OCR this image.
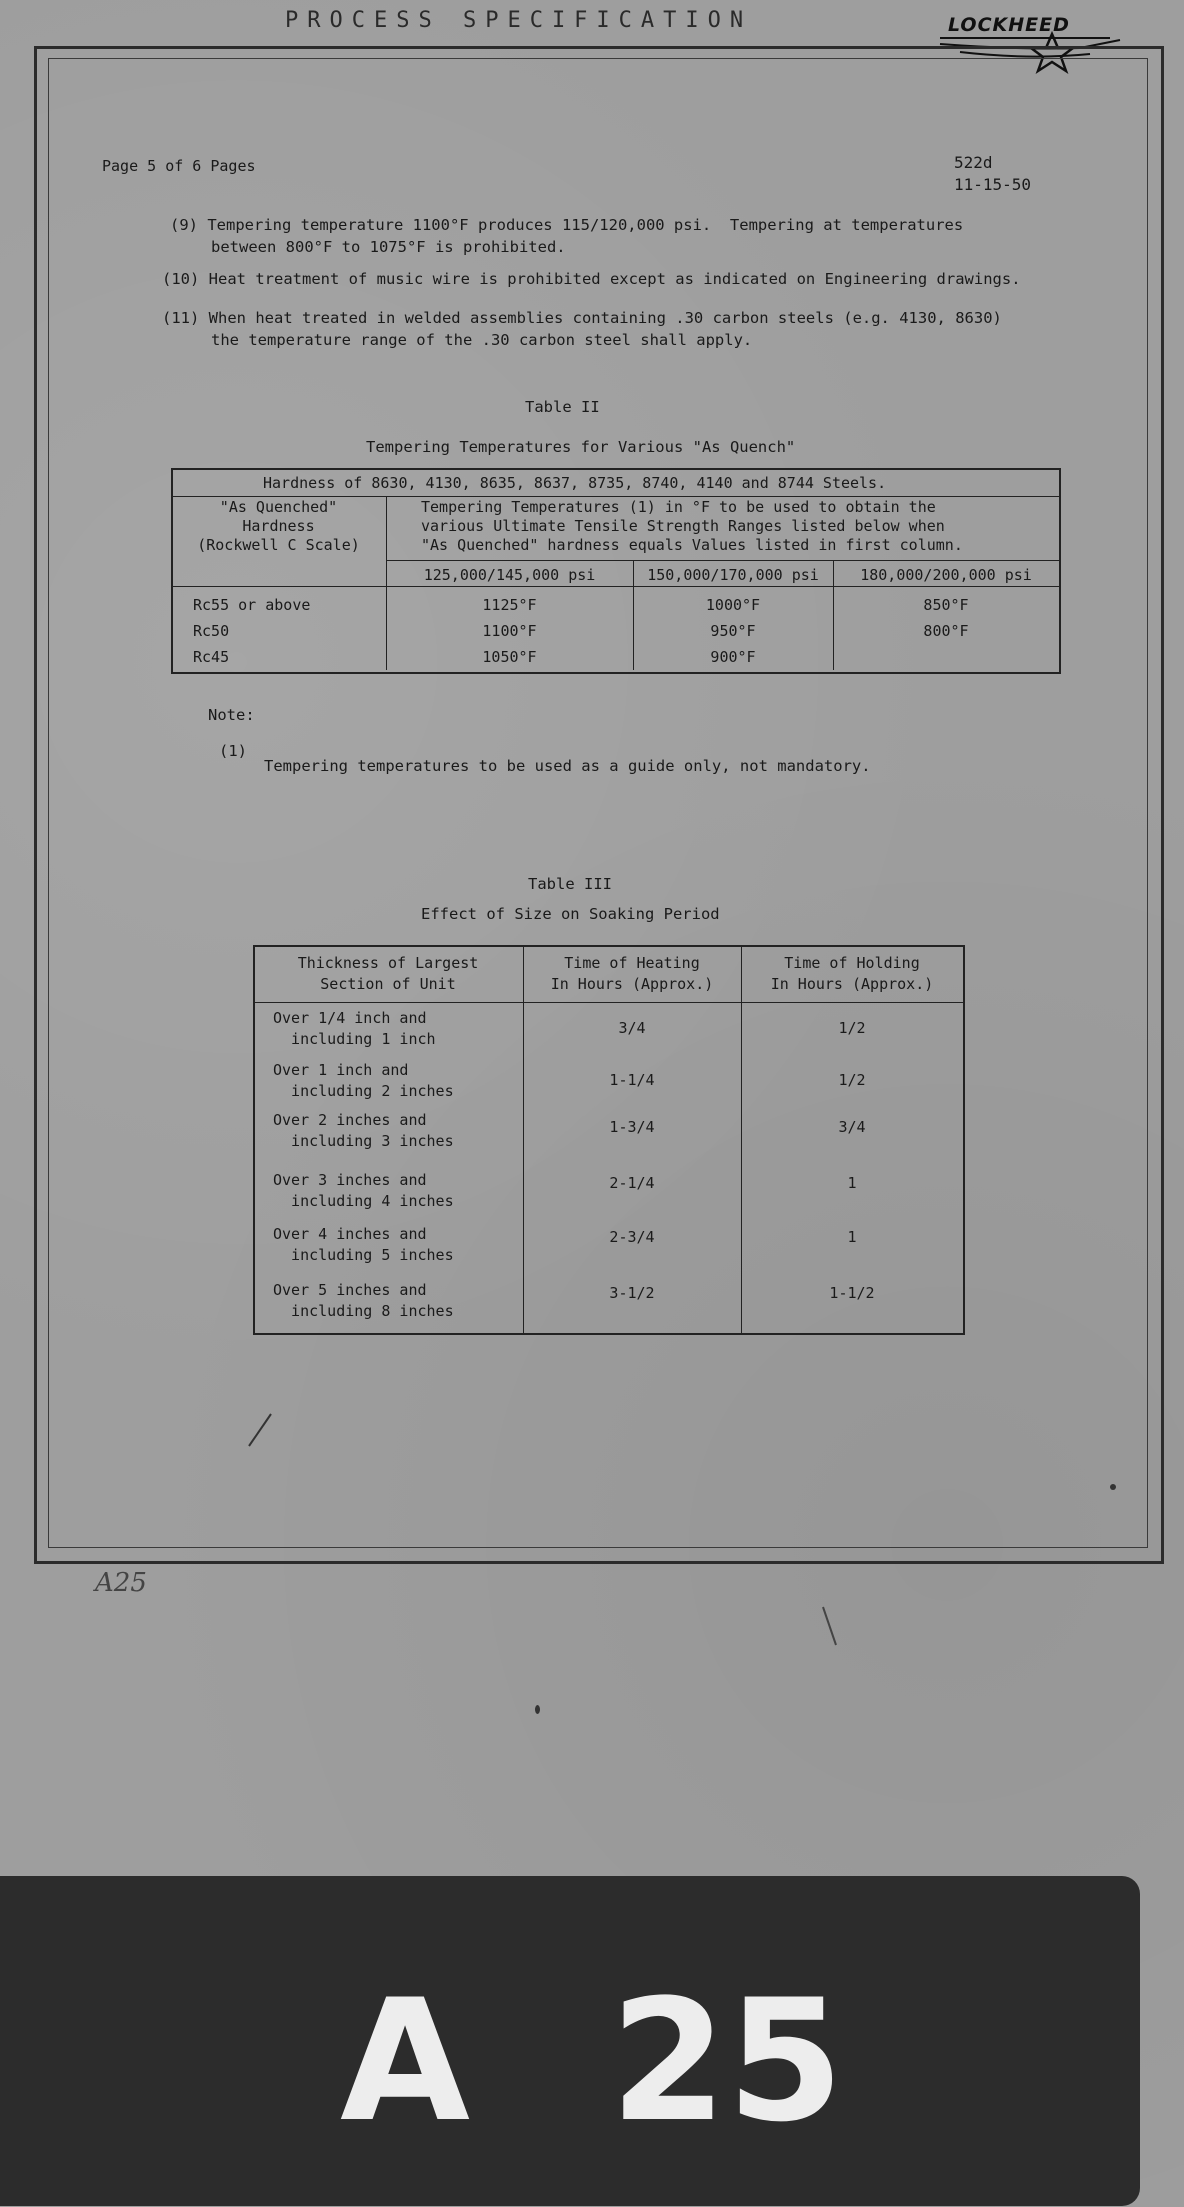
PROCESS SPECIFICATION	LOCKHEED
Page 5 of 6 Pages	522d
11-15-50
(9) Tempering temperature 1100°F produces 115/120,000 psi.  Tempering at temperatures
between 800°F to 1075°F is prohibited.
(10) Heat treatment of music wire is prohibited except as indicated on Engineering drawings.
(11) When heat treated in welded assemblies containing .30 carbon steels (e.g. 4130, 8630)
the temperature range of the .30 carbon steel shall apply.
Table II
Tempering Temperatures for Various "As Quench"
Hardness of 8630, 4130, 8635, 8637, 8735, 8740, 4140 and 8744 Steels.
"As Quenched"
Hardness
(Rockwell C Scale)
Tempering Temperatures (1) in °F to be used to obtain the
various Ultimate Tensile Strength Ranges listed below when
"As Quenched" hardness equals Values listed in first column.
125,000/145,000 psi	150,000/170,000 psi	180,000/200,000 psi
Rc55 or above	1125°F	1000°F	850°F
Rc50	1100°F	950°F	800°F
Rc45	1050°F	900°F
Note:
(1)
Tempering temperatures to be used as a guide only, not mandatory.
Table III
Effect of Size on Soaking Period
Thickness of Largest
Section of Unit
Time of Heating
In Hours (Approx.)
Time of Holding
In Hours (Approx.)
Over 1/4 inch and
including 1 inch
3/4	1/2
Over 1 inch and
including 2 inches
1-1/4	1/2
Over 2 inches and
including 3 inches
1-3/4	3/4
Over 3 inches and
including 4 inches
2-1/4	1
Over 4 inches and
including 5 inches
2-3/4	1
Over 5 inches and
including 8 inches
3-1/2	1-1/2
A25
A 25
